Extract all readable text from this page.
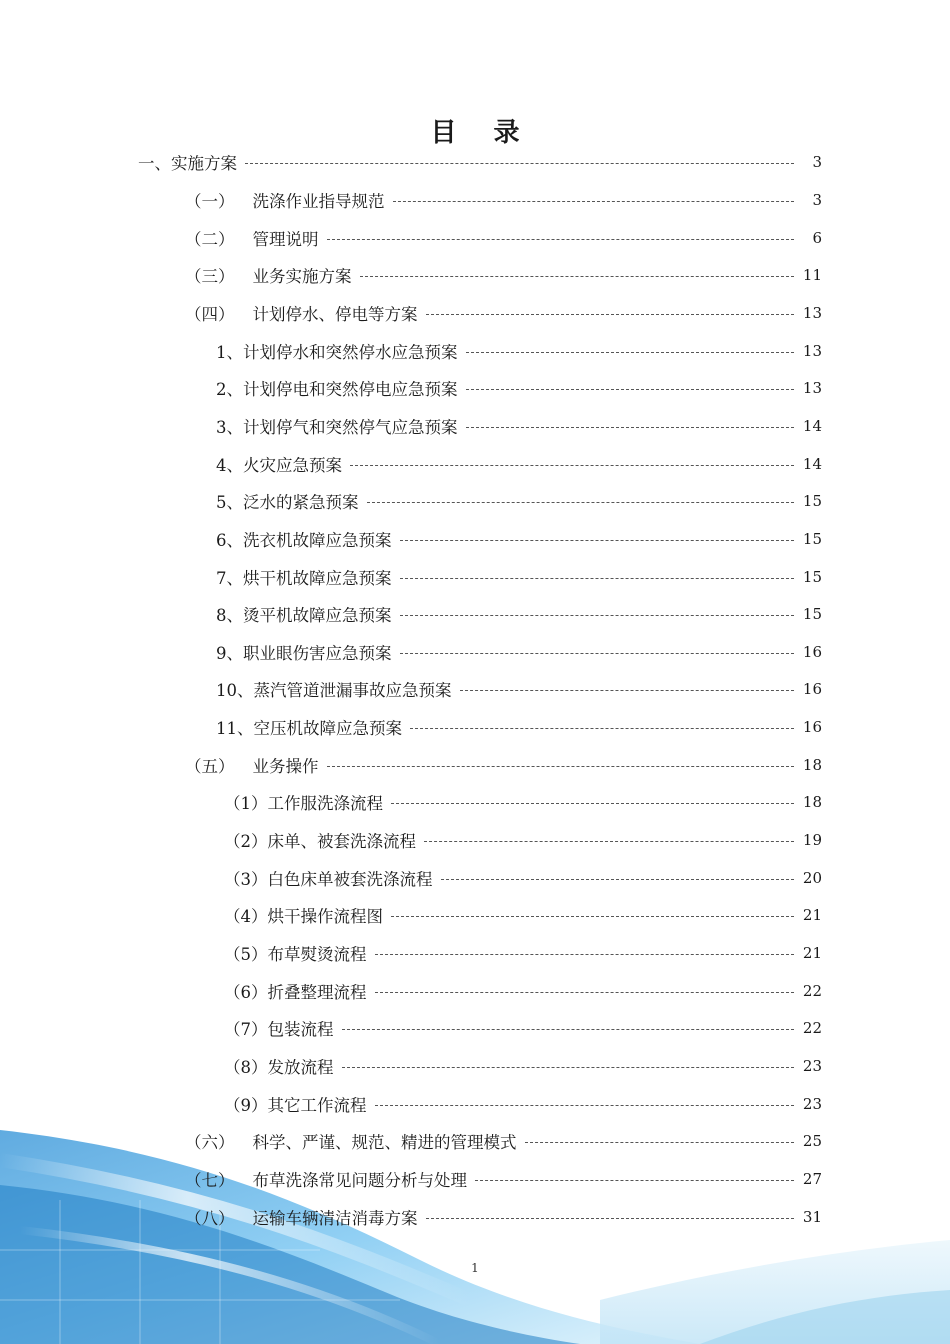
目 录
一、 实施方案	3
（一） 洗涤作业指导规范	3
（二） 管理说明	6
（三） 业务实施方案	11
（四） 计划停水、停电等方案	13
1、 计划停水和突然停水应急预案	13
2、 计划停电和突然停电应急预案	13
3、 计划停气和突然停气应急预案	14
4、 火灾应急预案	14
5、 泛水的紧急预案	15
6、 洗衣机故障应急预案	15
7、 烘干机故障应急预案	15
8、 烫平机故障应急预案	15
9、 职业眼伤害应急预案	16
10、 蒸汽管道泄漏事故应急预案	16
11、 空压机故障应急预案	16
（五） 业务操作	18
（1） 工作服洗涤流程	18
（2） 床单、被套洗涤流程	19
（3） 白色床单被套洗涤流程	20
（4） 烘干操作流程图	21
（5） 布草熨烫流程	21
（6） 折叠整理流程	22
（7） 包装流程	22
（8） 发放流程	23
（9） 其它工作流程	23
（六） 科学、严谨、规范、精进的管理模式	25
（七） 布草洗涤常见问题分析与处理	27
（八） 运输车辆清洁消毒方案	31
1
